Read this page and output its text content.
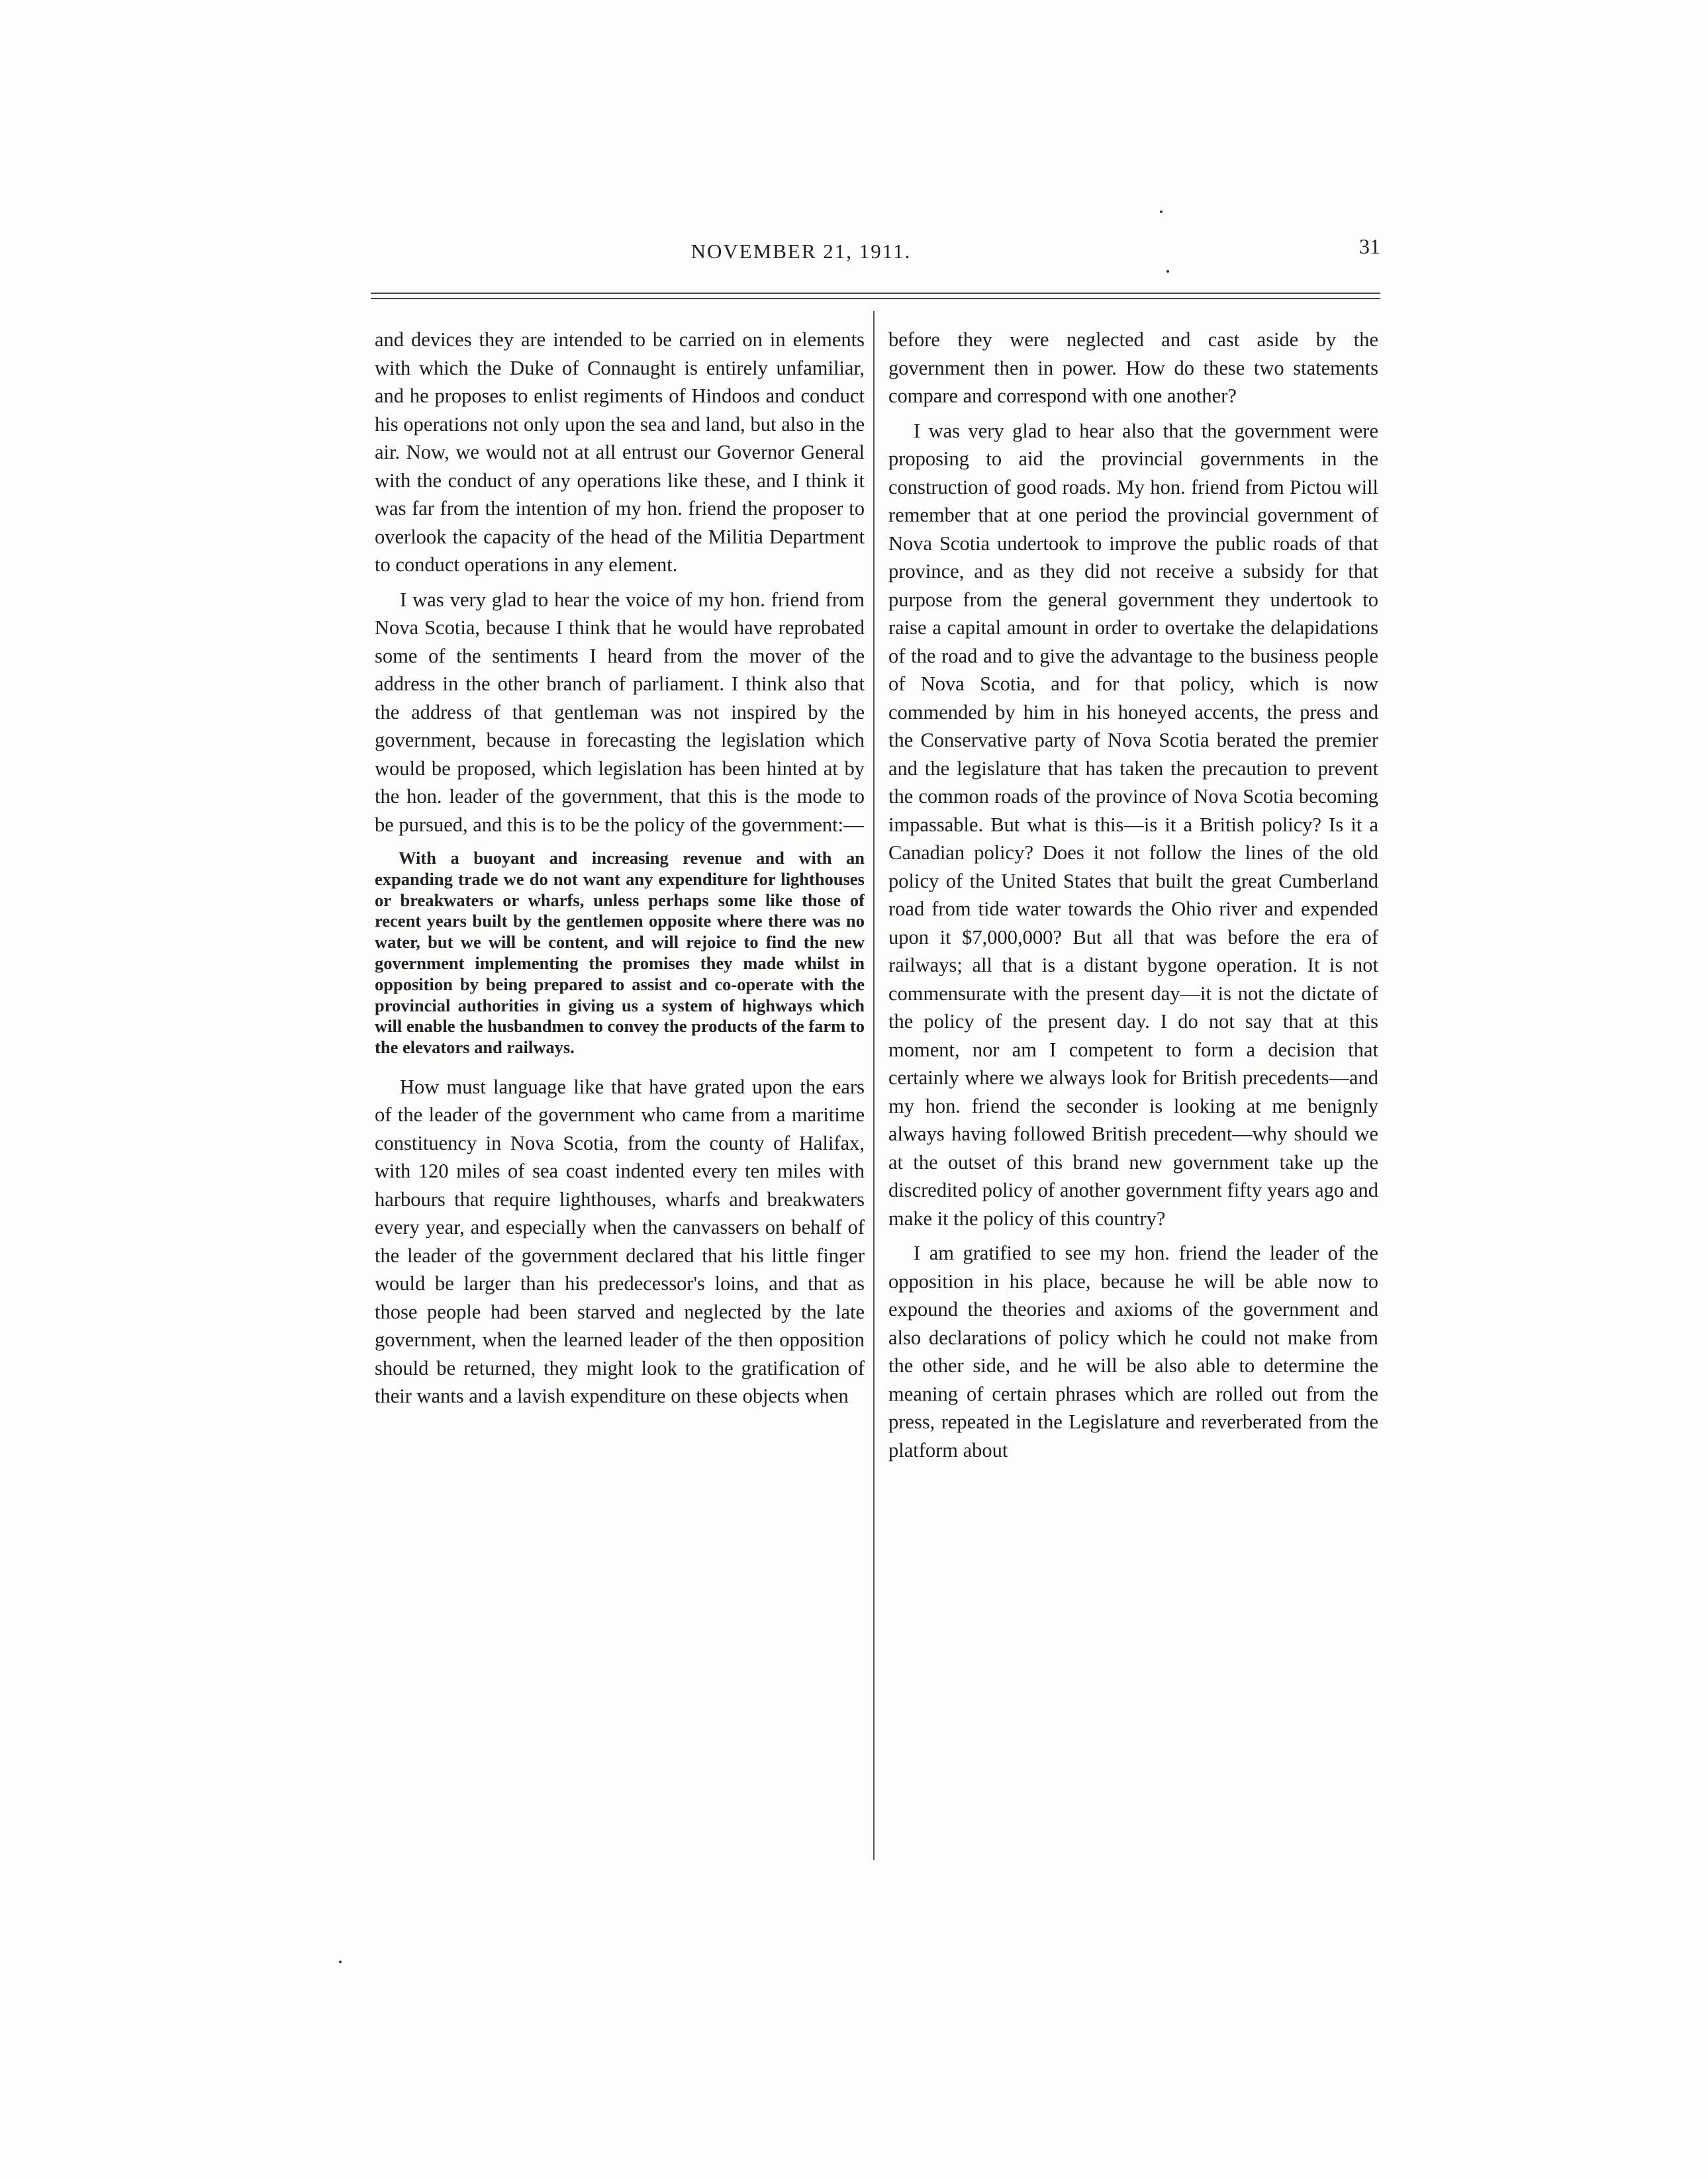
NOVEMBER 21, 1911.	31

and devices they are intended to be carried on in elements with which the Duke of Connaught is entirely unfamiliar, and he proposes to enlist regiments of Hindoos and conduct his operations not only upon the sea and land, but also in the air. Now, we would not at all entrust our Governor General with the conduct of any operations like these, and I think it was far from the intention of my hon. friend the proposer to overlook the capacity of the head of the Militia Department to conduct operations in any element.

I was very glad to hear the voice of my hon. friend from Nova Scotia, because I think that he would have reprobated some of the sentiments I heard from the mover of the address in the other branch of parliament. I think also that the address of that gentleman was not inspired by the government, because in forecasting the legislation which would be proposed, which legislation has been hinted at by the hon. leader of the government, that this is the mode to be pursued, and this is to be the policy of the government:—

With a buoyant and increasing revenue and with an expanding trade we do not want any expenditure for lighthouses or breakwaters or wharfs, unless perhaps some like those of recent years built by the gentlemen opposite where there was no water, but we will be content, and will rejoice to find the new government implementing the promises they made whilst in opposition by being prepared to assist and co-operate with the provincial authorities in giving us a system of highways which will enable the husbandmen to convey the products of the farm to the elevators and railways.

How must language like that have grated upon the ears of the leader of the government who came from a maritime constituency in Nova Scotia, from the county of Halifax, with 120 miles of sea coast indented every ten miles with harbours that require lighthouses, wharfs and breakwaters every year, and especially when the canvassers on behalf of the leader of the government declared that his little finger would be larger than his predecessor's loins, and that as those people had been starved and neglected by the late government, when the learned leader of the then opposition should be returned, they might look to the gratification of their wants and a lavish expenditure on these objects when

before they were neglected and cast aside by the government then in power. How do these two statements compare and correspond with one another?

I was very glad to hear also that the government were proposing to aid the provincial governments in the construction of good roads. My hon. friend from Pictou will remember that at one period the provincial government of Nova Scotia undertook to improve the public roads of that province, and as they did not receive a subsidy for that purpose from the general government they undertook to raise a capital amount in order to overtake the delapidations of the road and to give the advantage to the business people of Nova Scotia, and for that policy, which is now commended by him in his honeyed accents, the press and the Conservative party of Nova Scotia berated the premier and the legislature that has taken the precaution to prevent the common roads of the province of Nova Scotia becoming impassable. But what is this—is it a British policy? Is it a Canadian policy? Does it not follow the lines of the old policy of the United States that built the great Cumberland road from tide water towards the Ohio river and expended upon it $7,000,000? But all that was before the era of railways; all that is a distant bygone operation. It is not commensurate with the present day—it is not the dictate of the policy of the present day. I do not say that at this moment, nor am I competent to form a decision that certainly where we always look for British precedents—and my hon. friend the seconder is looking at me benignly always having followed British precedent—why should we at the outset of this brand new government take up the discredited policy of another government fifty years ago and make it the policy of this country?

I am gratified to see my hon. friend the leader of the opposition in his place, because he will be able now to expound the theories and axioms of the government and also declarations of policy which he could not make from the other side, and he will be also able to determine the meaning of certain phrases which are rolled out from the press, repeated in the Legislature and reverberated from the platform about
